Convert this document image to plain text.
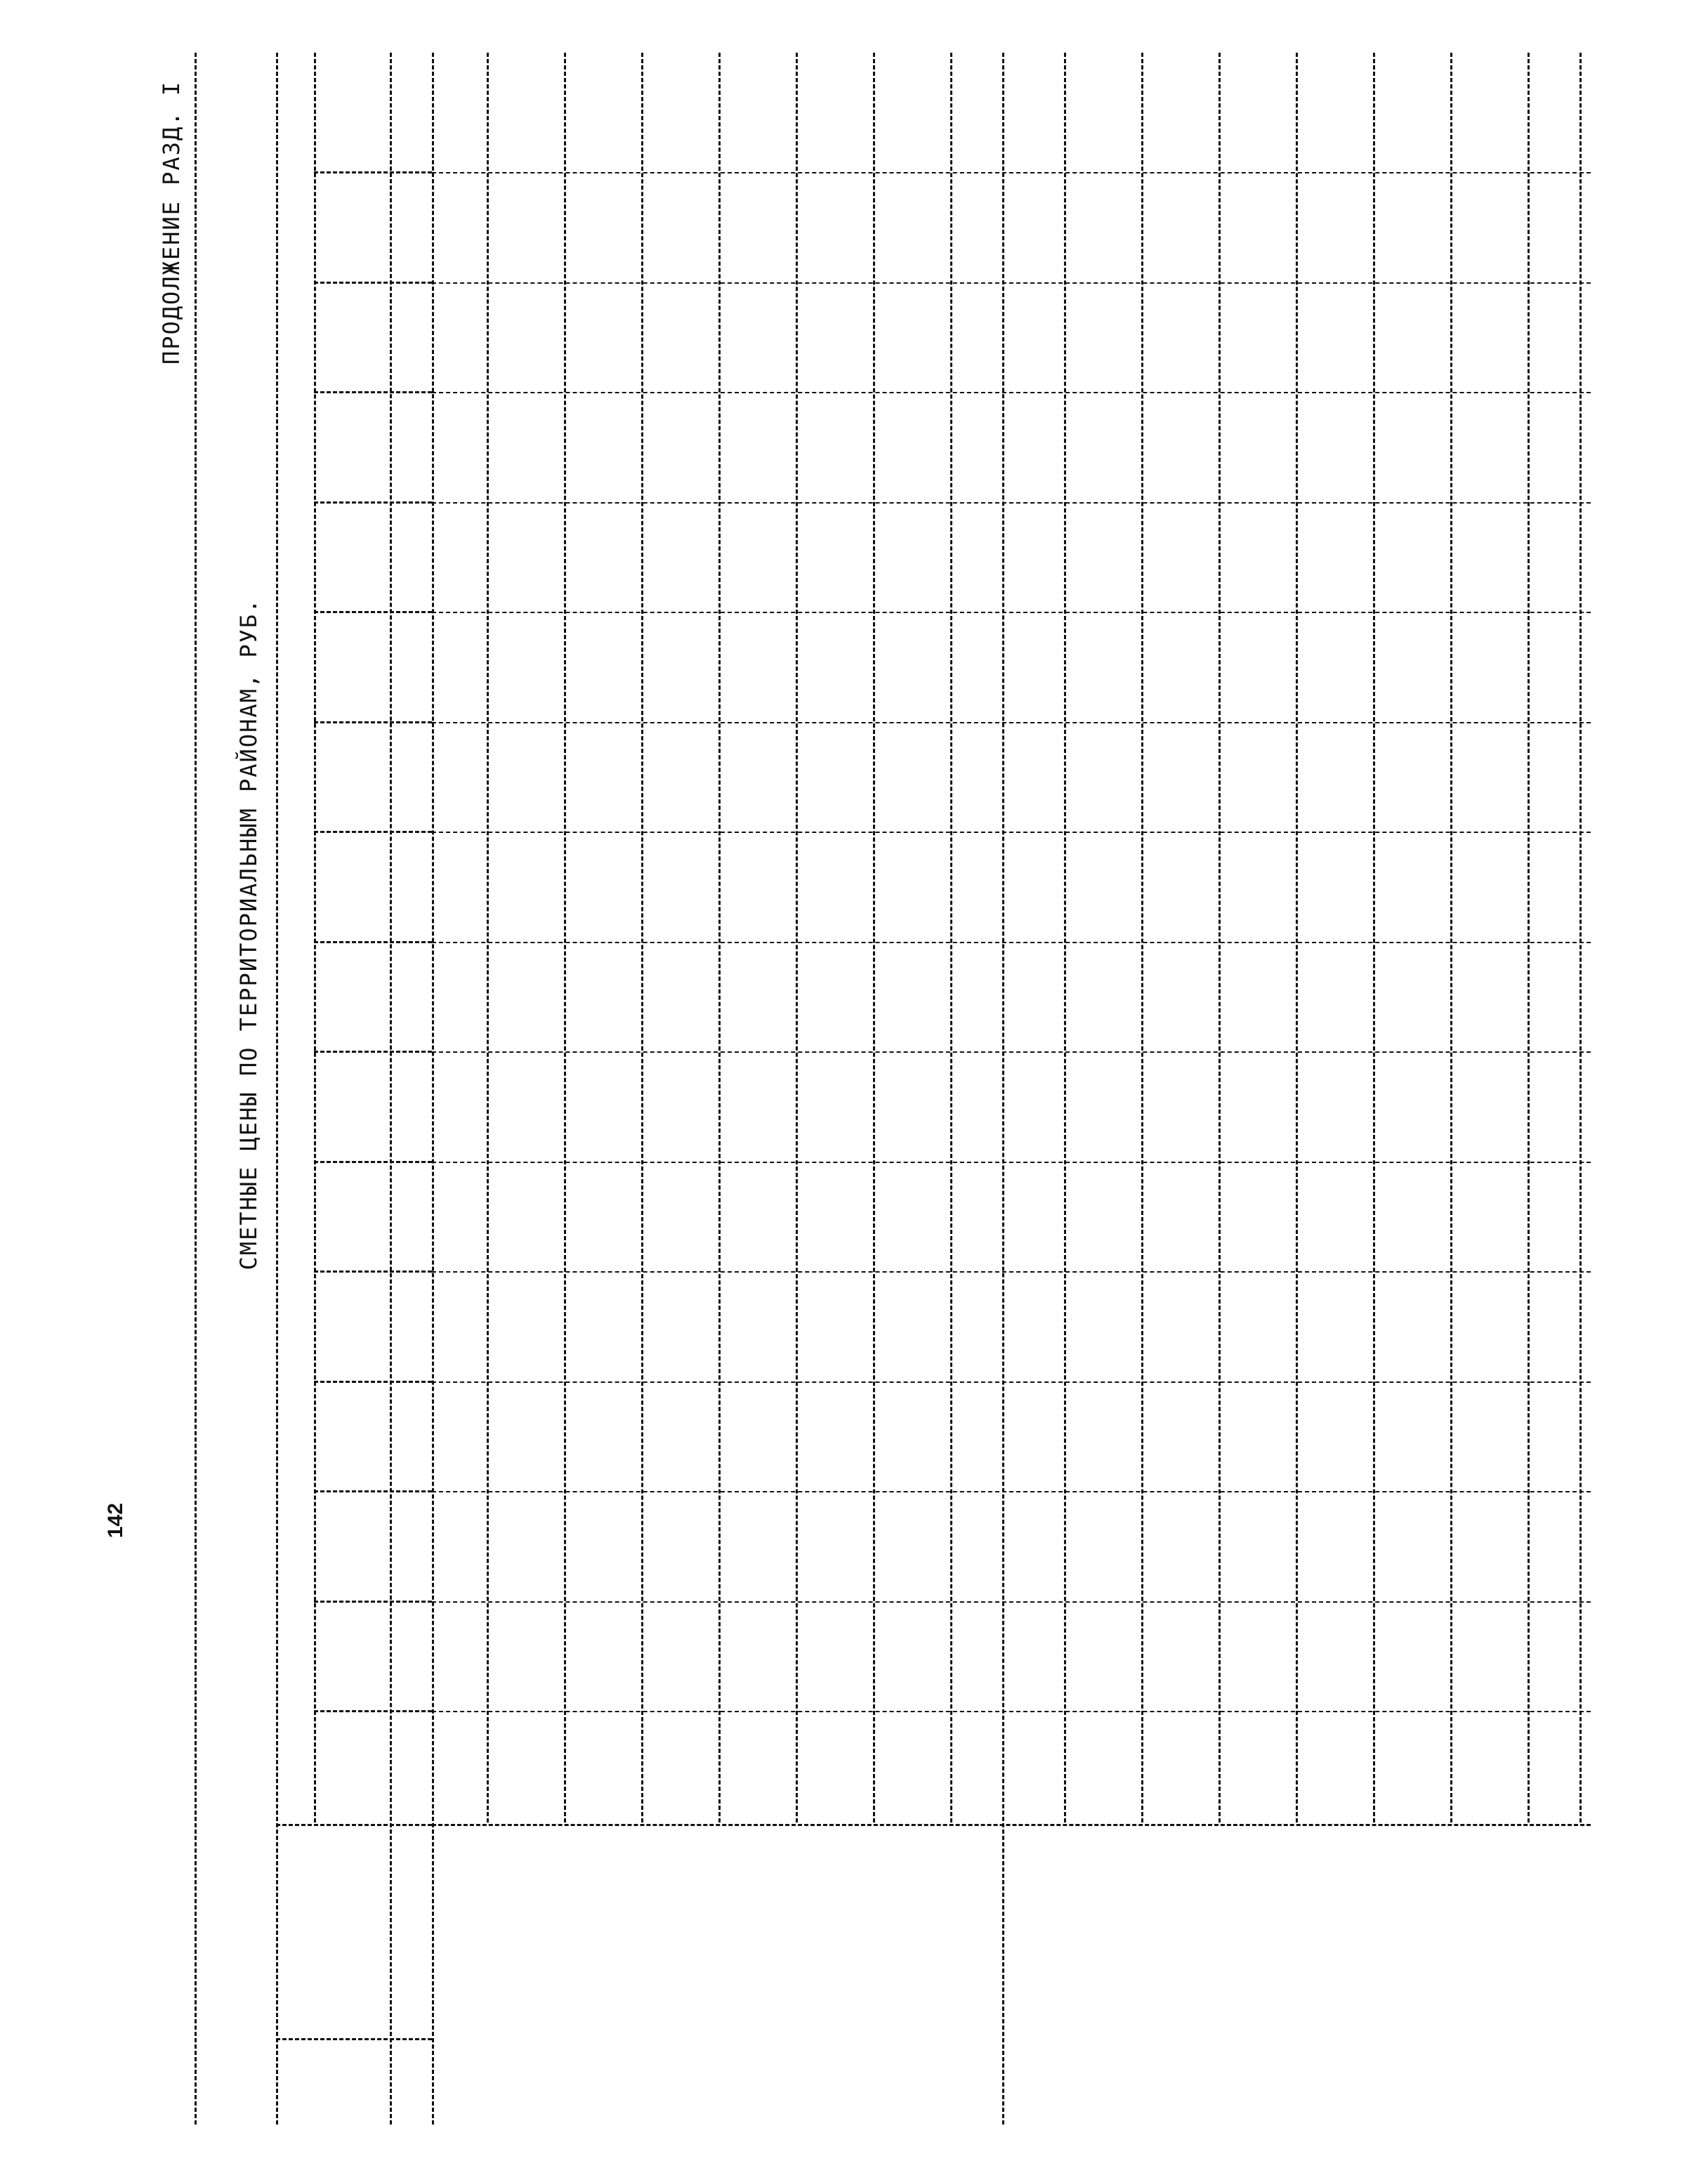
142
ПРОДОЛЖЕНИЕ РАЗД. I
СМЕТНЫЕ ЦЕНЫ ПО ТЕРРИТОРИАЛЬНЫМ РАЙОНАМ, РУБ.
